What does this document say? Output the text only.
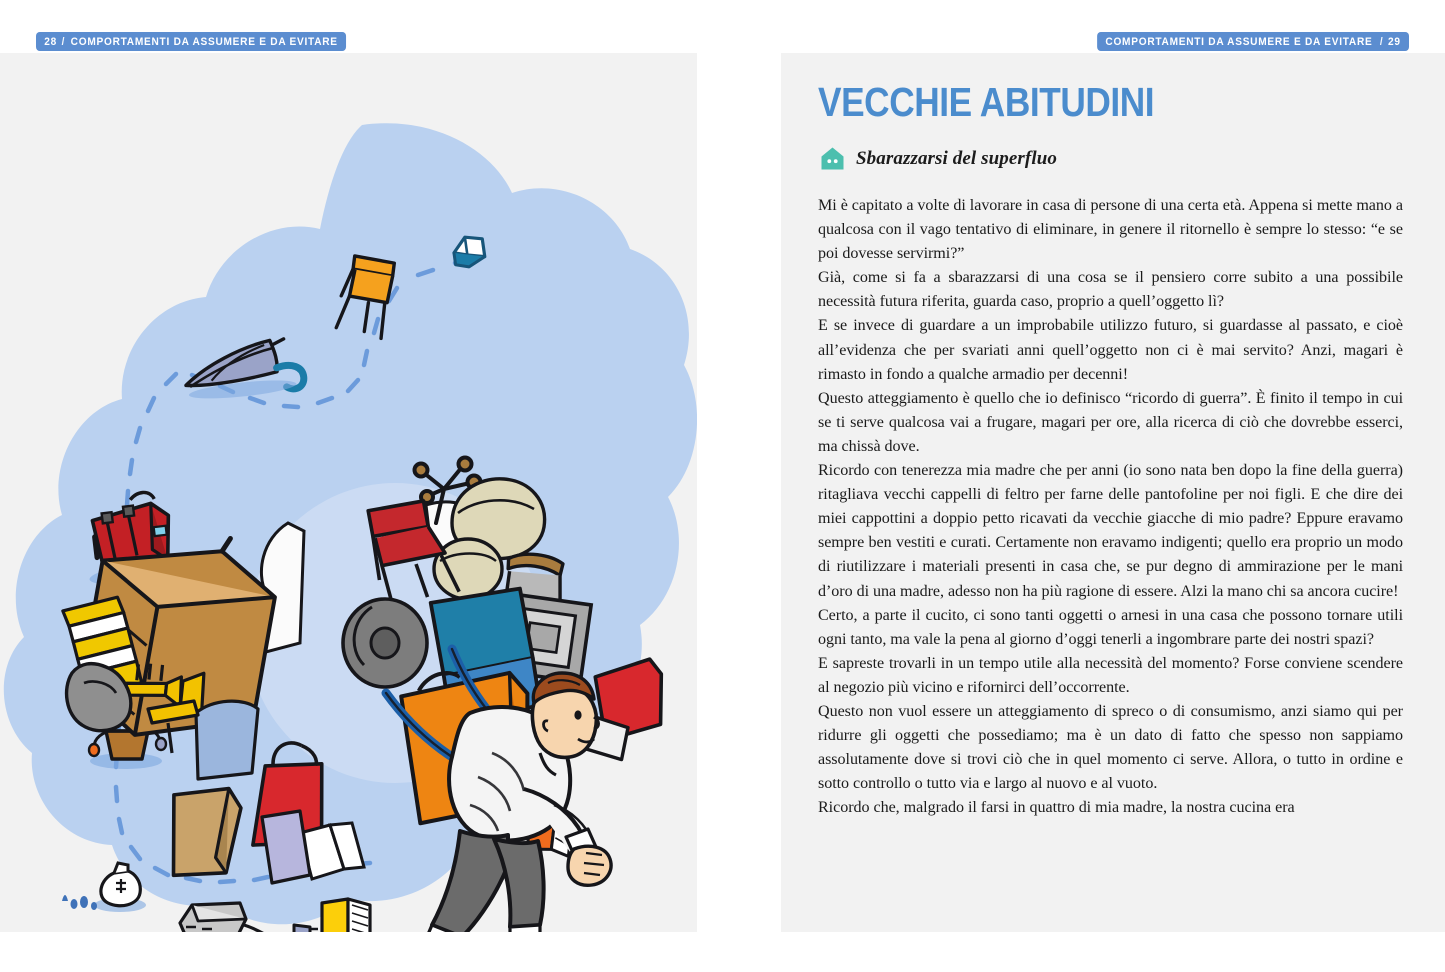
28 / COMPORTAMENTI DA ASSUMERE E DA EVITARE	COMPORTAMENTI DA ASSUMERE E DA EVITARE / 29
VECCHIE ABITUDINI
Sbarazzarsi del superfluo

Mi è capitato a volte di lavorare in casa di persone di una certa età. Appena si mette mano a qualcosa con il vago tentativo di eliminare, in genere il ritornello è sempre lo stesso: “e se poi dovesse servirmi?”

Già, come si fa a sbarazzarsi di una cosa se il pensiero corre subito a una possibile necessità futura riferita, guarda caso, proprio a quell’oggetto lì?

E se invece di guardare a un improbabile utilizzo futuro, si guardasse al passato, e cioè all’evidenza che per svariati anni quell’oggetto non ci è mai servito? Anzi, magari è rimasto in fondo a qualche armadio per decenni!

Questo atteggiamento è quello che io definisco “ricordo di guerra”. È finito il tempo in cui se ti serve qualcosa vai a frugare, magari per ore, alla ricerca di ciò che dovrebbe esserci, ma chissà dove.

Ricordo con tenerezza mia madre che per anni (io sono nata ben dopo la fine della guerra) ritagliava vecchi cappelli di feltro per farne delle pantofoline per noi figli. E che dire dei miei cappottini a doppio petto ricavati da vecchie giacche di mio padre? Eppure eravamo sempre ben vestiti e curati. Certamente non eravamo indigenti; quello era proprio un modo di riutilizzare i materiali presenti in casa che, se pur degno di ammirazione per le mani d’oro di una madre, adesso non ha più ragione di essere. Alzi la mano chi sa ancora cucire!

Certo, a parte il cucito, ci sono tanti oggetti o arnesi in una casa che possono tornare utili ogni tanto, ma vale la pena al giorno d’oggi tenerli a ingombrare parte dei nostri spazi?

E sapreste trovarli in un tempo utile alla necessità del momento? Forse conviene scendere al negozio più vicino e rifornirci dell’occorrente.

Questo non vuol essere un atteggiamento di spreco o di consumismo, anzi siamo qui per ridurre gli oggetti che possediamo; ma è un dato di fatto che spesso non sappiamo assolutamente dove si trovi ciò che in quel momento ci serve. Allora, o tutto in ordine e sotto controllo o tutto via e largo al nuovo e al vuoto.

Ricordo che, malgrado il farsi in quattro di mia madre, la nostra cucina era
